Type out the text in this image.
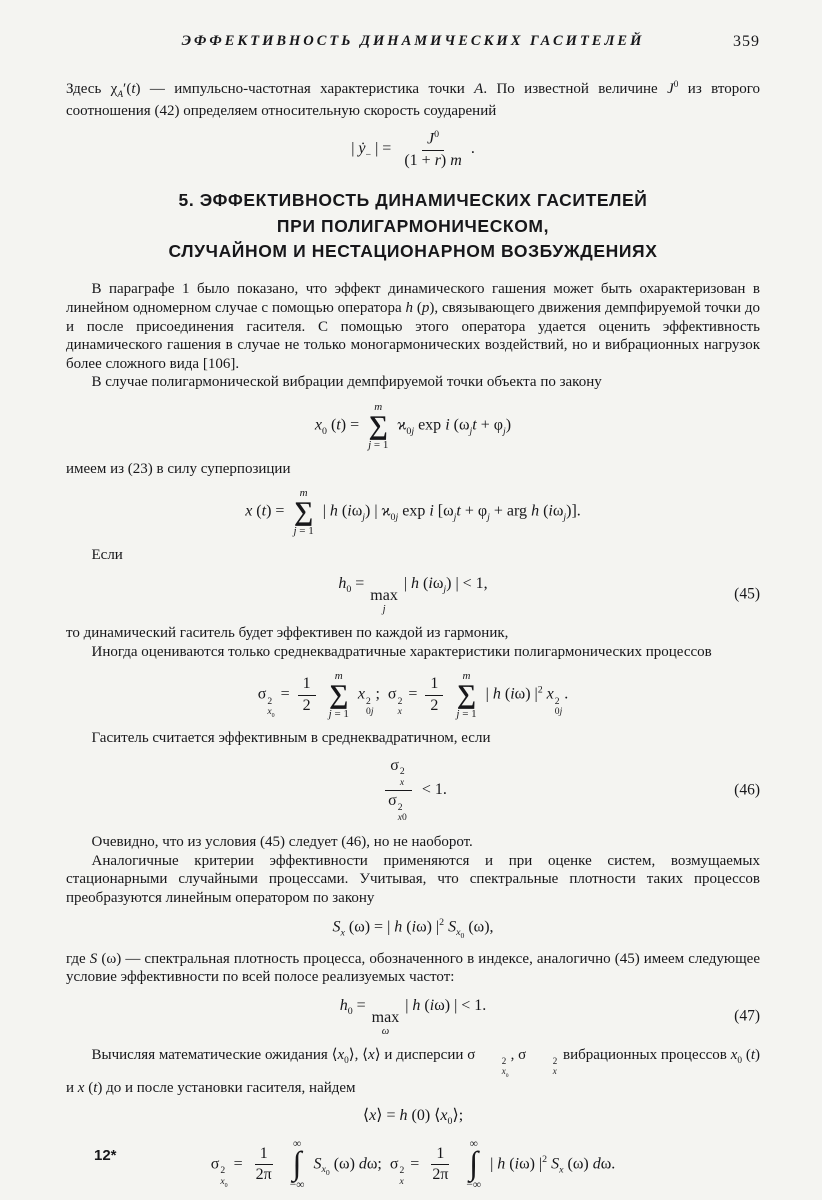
ЭФФЕКТИВНОСТЬ ДИНАМИЧЕСКИХ ГАСИТЕЛЕЙ	359

Здесь $\chi_A'(t)$ — импульсно-частотная характеристика точки A. По известной величине $J^0$ из второго соотношения (42) определяем относительную скорость соударений

| ẏ$_-$ | = $\frac{J^0}{(1 + r) m}$ .
5. ЭФФЕКТИВНОСТЬ ДИНАМИЧЕСКИХ ГАСИТЕЛЕЙ
ПРИ ПОЛИГАРМОНИЧЕСКОМ,
СЛУЧАЙНОМ И НЕСТАЦИОНАРНОМ ВОЗБУЖДЕНИЯХ

В параграфе 1 было показано, что эффект динамического гашения может быть охарактеризован в линейном одномерном случае с помощью оператора h (p), связывающего движения демпфируемой точки до и после присоединения гасителя. С помощью этого оператора удается оценить эффективность динамического гашения в случае не только моногармонических воздействий, но и вибрационных нагрузок более сложного вида [106].

В случае полигармонической вибрации демпфируемой точки объекта по закону

$x_0$ (t) =
m
∑
j = 1
$ϰ_{0j}$ exp i $(\omega_jt + \varphi_j)$

имеем из (23) в силу суперпозиции

x (t) =
m
∑
j = 1
| h $(i\omega_j)$ | $ϰ_{0j}$ exp i [$\omega_jt + \varphi_j$ + arg h $(i\omega_j)$].

Если

$h_0$ =
max
j
| h $(i\omega_j)$ | < 1,
(45)

то динамический гаситель будет эффективен по каждой из гармоник,

Иногда оцениваются только среднеквадратичные характеристики полигармонических процессов

σ 2
$x_0$
= $\frac{1}{2}$
m
∑
j = 1
x 2
0j
;  σ 2
x
= $\frac{1}{2}$
m
∑
j = 1
| h (iω) $|^2$ x 2
0j
.

Гаситель считается эффективным в среднеквадратичном, если

σ 2
x
σ 2
x0 < 1.	(46)

Очевидно, что из условия (45) следует (46), но не наоборот.

Аналогичные критерии эффективности применяются и при оценке систем, возмущаемых стационарными случайными процессами. Учитывая, что спектральные плотности таких процессов преобразуются линейным оператором по закону

$S_x$ (ω) = | h (iω) $|^2$ $S_{x_0}$ (ω),

где S (ω) — спектральная плотность процесса, обозначенного в индексе, аналогично (45) имеем следующее условие эффективности по всей полосе реализуемых частот:

$h_0$ =
max
ω
| h (iω) | < 1.
(47)

Вычисляя математические ожидания $⟨x_0⟩$, ⟨x⟩ и дисперсии σ	2
$x_0$
, σ	2
x
вибрационных процессов $x_0$ (t) и x (t) до и после установки гасителя, найдем

⟨x⟩ = h (0) $⟨x_0⟩$;
σ 2
$x_0$
= $\frac{1}{2\pi}$

∞
∫
−∞
$S_{x_0}$ (ω) dω;  σ 2
x
= $\frac{1}{2\pi}$

∞
∫
−∞
| h (iω) $|^2$ $S_x$ (ω) dω.
12*
